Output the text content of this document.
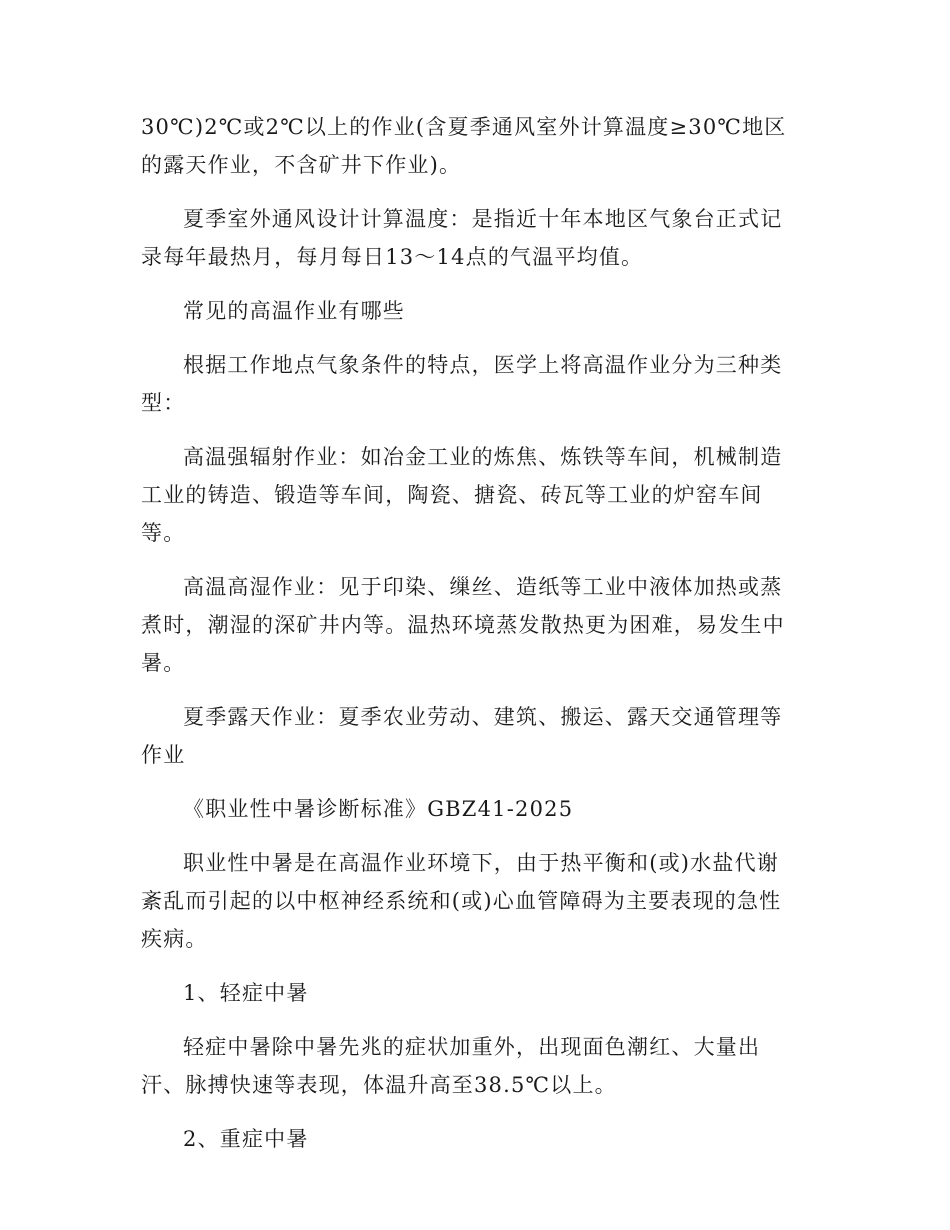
30℃)2℃或2℃以上的作业(含夏季通风室外计算温度≥30℃地区的露天作业，不含矿井下作业)。

夏季室外通风设计计算温度：是指近十年本地区气象台正式记录每年最热月，每月每日13～14点的气温平均值。

常见的高温作业有哪些

根据工作地点气象条件的特点，医学上将高温作业分为三种类型：

高温强辐射作业：如冶金工业的炼焦、炼铁等车间，机械制造工业的铸造、锻造等车间，陶瓷、搪瓷、砖瓦等工业的炉窑车间等。

高温高湿作业：见于印染、缫丝、造纸等工业中液体加热或蒸煮时，潮湿的深矿井内等。温热环境蒸发散热更为困难，易发生中暑。

夏季露天作业：夏季农业劳动、建筑、搬运、露天交通管理等作业

《职业性中暑诊断标准》GBZ41-2025

职业性中暑是在高温作业环境下，由于热平衡和(或)水盐代谢紊乱而引起的以中枢神经系统和(或)心血管障碍为主要表现的急性疾病。

1、轻症中暑

轻症中暑除中暑先兆的症状加重外，出现面色潮红、大量出汗、脉搏快速等表现，体温升高至38.5℃以上。

2、重症中暑
